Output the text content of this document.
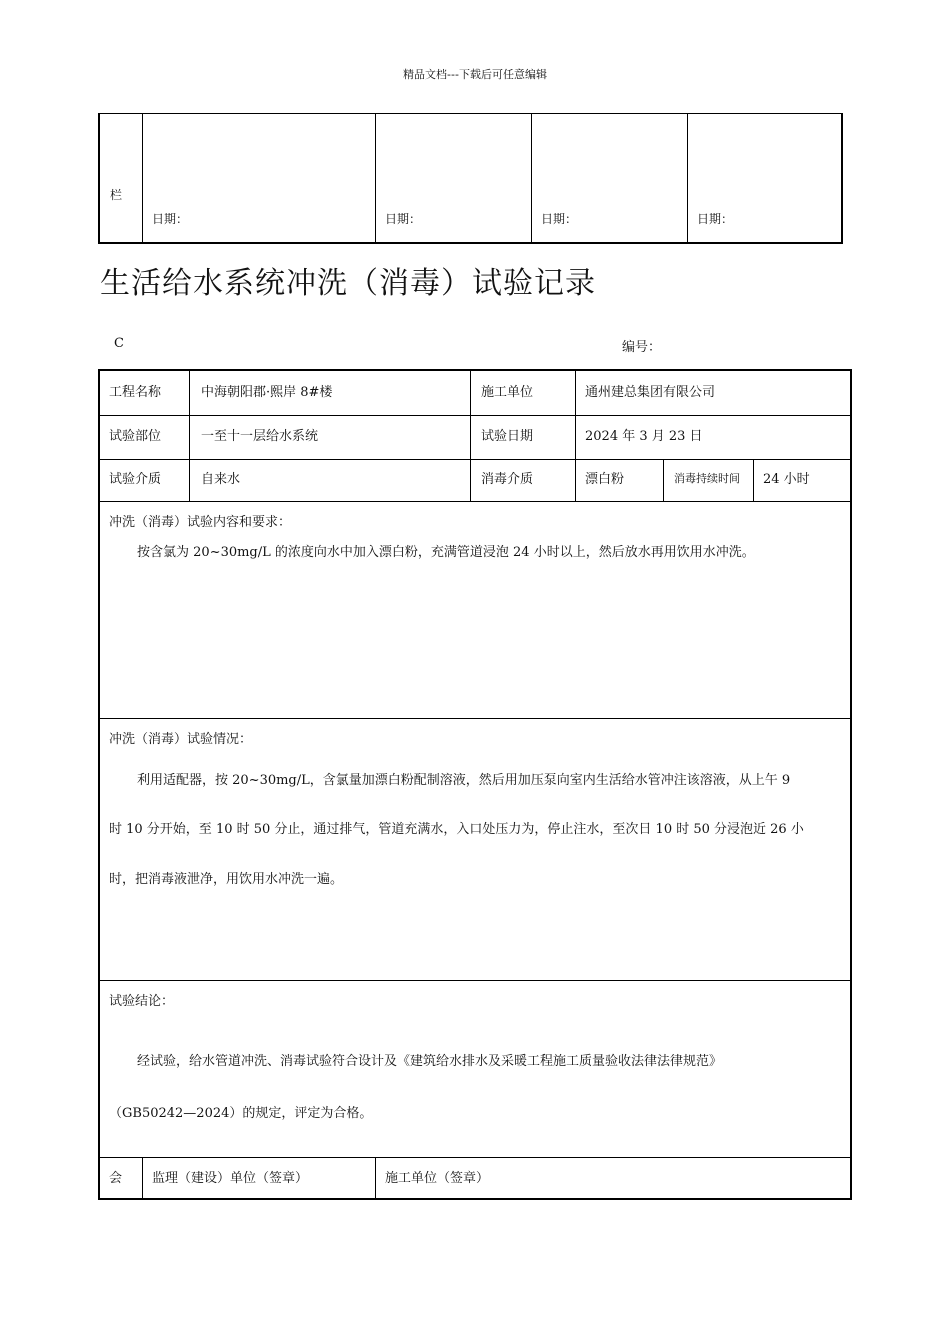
精品文档---下载后可任意编辑
栏
日期：	日期：	日期：	日期：
生活给水系统冲洗（消毒）试验记录
C	编号：
工程名称	中海朝阳郡·熙岸 8#楼	施工单位	通州建总集团有限公司
试验部位	一至十一层给水系统	试验日期	2024 年 3 月 23 日
试验介质	自来水	消毒介质	漂白粉	消毒持续时间 24 小时
冲洗（消毒）试验内容和要求：
按含氯为 20~30mg/L 的浓度向水中加入漂白粉，充满管道浸泡 24 小时以上，然后放水再用饮用水冲洗。
冲洗（消毒）试验情况：
利用适配器，按 20~30mg/L，含氯量加漂白粉配制溶液，然后用加压泵向室内生活给水管冲注该溶液，从上午 9
时 10 分开始，至 10 时 50 分止，通过排气，管道充满水，入口处压力为，停止注水，至次日 10 时 50 分浸泡近 26 小
时，把消毒液泄净，用饮用水冲洗一遍。
试验结论：
经试验，给水管道冲洗、消毒试验符合设计及《建筑给水排水及采暖工程施工质量验收法律法律规范》
（GB50242—2024）的规定，评定为合格。
会 监理（建设）单位（签章）	施工单位（签章）
